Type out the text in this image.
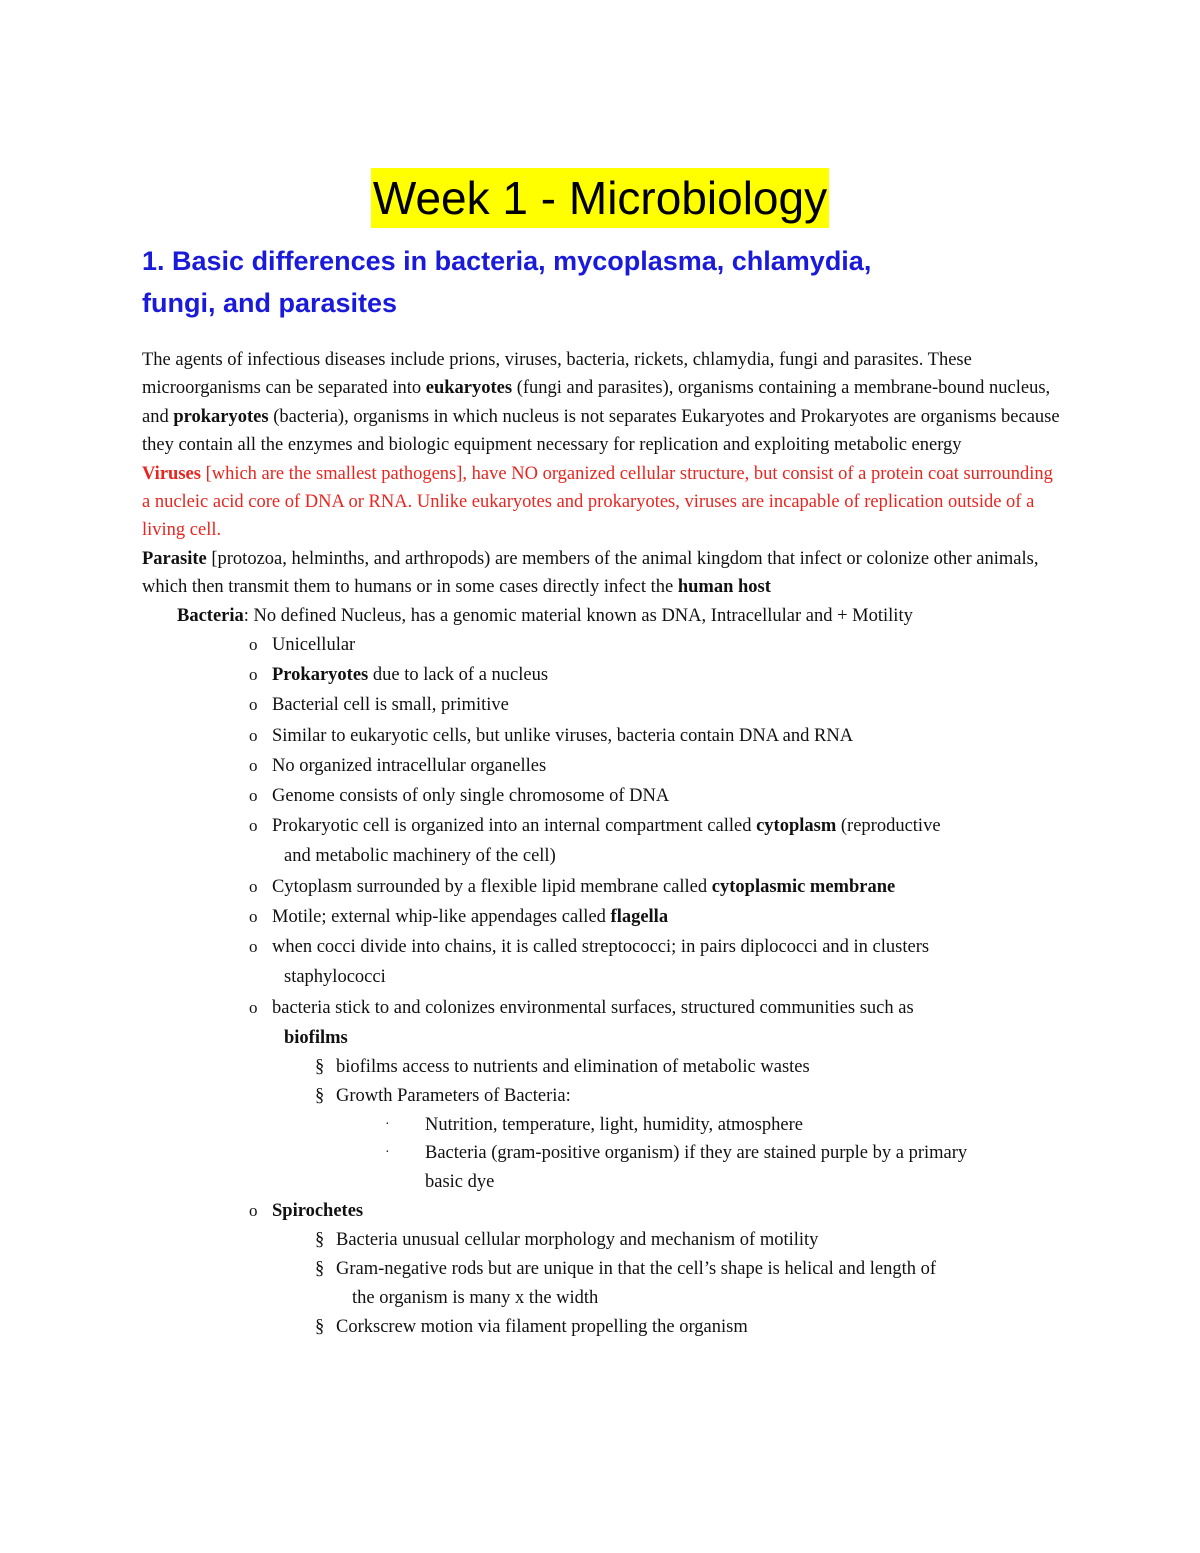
Week 1 - Microbiology
1. Basic differences in bacteria, mycoplasma, chlamydia,
fungi, and parasites

The agents of infectious diseases include prions, viruses, bacteria, rickets, chlamydia, fungi and parasites. These microorganisms can be separated into eukaryotes (fungi and parasites), organisms containing a membrane-bound nucleus, and prokaryotes (bacteria), organisms in which nucleus is not separates Eukaryotes and Prokaryotes are organisms because they contain all the enzymes and biologic equipment necessary for replication and exploiting metabolic energy

Viruses [which are the smallest pathogens], have NO organized cellular structure, but consist of a protein coat surrounding a nucleic acid core of DNA or RNA. Unlike eukaryotes and prokaryotes, viruses are incapable of replication outside of a living cell.

Parasite [protozoa, helminths, and arthropods) are members of the animal kingdom that infect or colonize other animals, which then transmit them to humans or in some cases directly infect the human host

Bacteria: No defined Nucleus, has a genomic material known as DNA, Intracellular and + Motility

o Unicellular
o Prokaryotes due to lack of a nucleus
o Bacterial cell is small, primitive
o Similar to eukaryotic cells, but unlike viruses, bacteria contain DNA and RNA
o No organized intracellular organelles
o Genome consists of only single chromosome of DNA
o Prokaryotic cell is organized into an internal compartment called cytoplasm (reproductive
and metabolic machinery of the cell)
o Cytoplasm surrounded by a flexible lipid membrane called cytoplasmic membrane
o Motile; external whip-like appendages called flagella
o when cocci divide into chains, it is called streptococci; in pairs diplococci and in clusters
staphylococci
o bacteria stick to and colonizes environmental surfaces, structured communities such as
biofilms
§ biofilms access to nutrients and elimination of metabolic wastes
§ Growth Parameters of Bacteria:
· Nutrition, temperature, light, humidity, atmosphere
· Bacteria (gram-positive organism) if they are stained purple by a primary
basic dye
o Spirochetes
§ Bacteria unusual cellular morphology and mechanism of motility
§ Gram-negative rods but are unique in that the cell’s shape is helical and length of
the organism is many x the width
§ Corkscrew motion via filament propelling the organism
